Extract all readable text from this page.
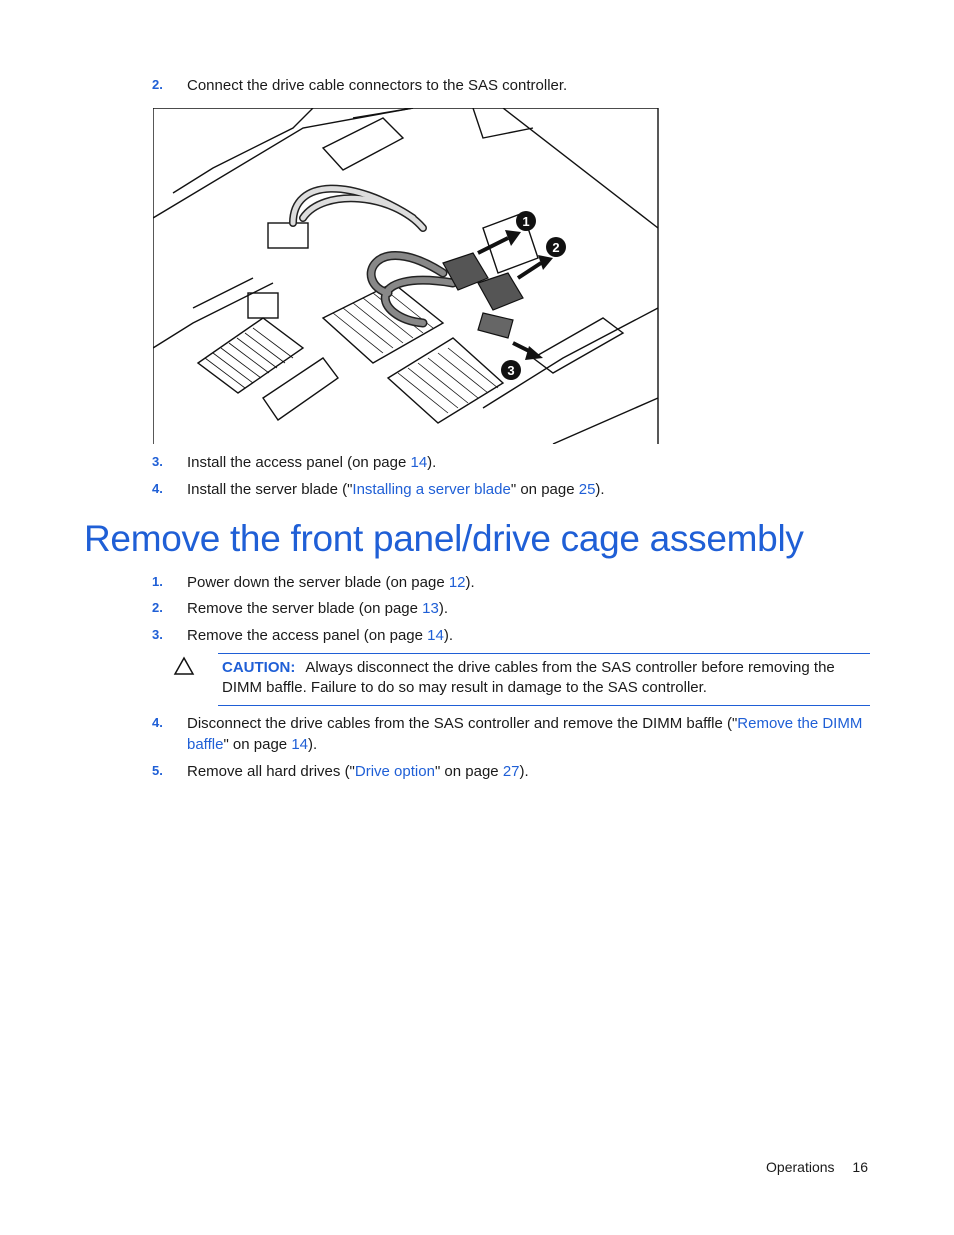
2. Connect the drive cable connectors to the SAS controller.
1
2
3
3. Install the access panel (on page 14).
4. Install the server blade ("Installing a server blade" on page 25).
Remove the front panel/drive cage assembly
1. Power down the server blade (on page 12).
2. Remove the server blade (on page 13).
3. Remove the access panel (on page 14).
CAUTION: Always disconnect the drive cables from the SAS controller before removing the DIMM baffle. Failure to do so may result in damage to the SAS controller.
4. Disconnect the drive cables from the SAS controller and remove the DIMM baffle ("Remove the DIMM baffle" on page 14).
5. Remove all hard drives ("Drive option" on page 27).
Operations 16
